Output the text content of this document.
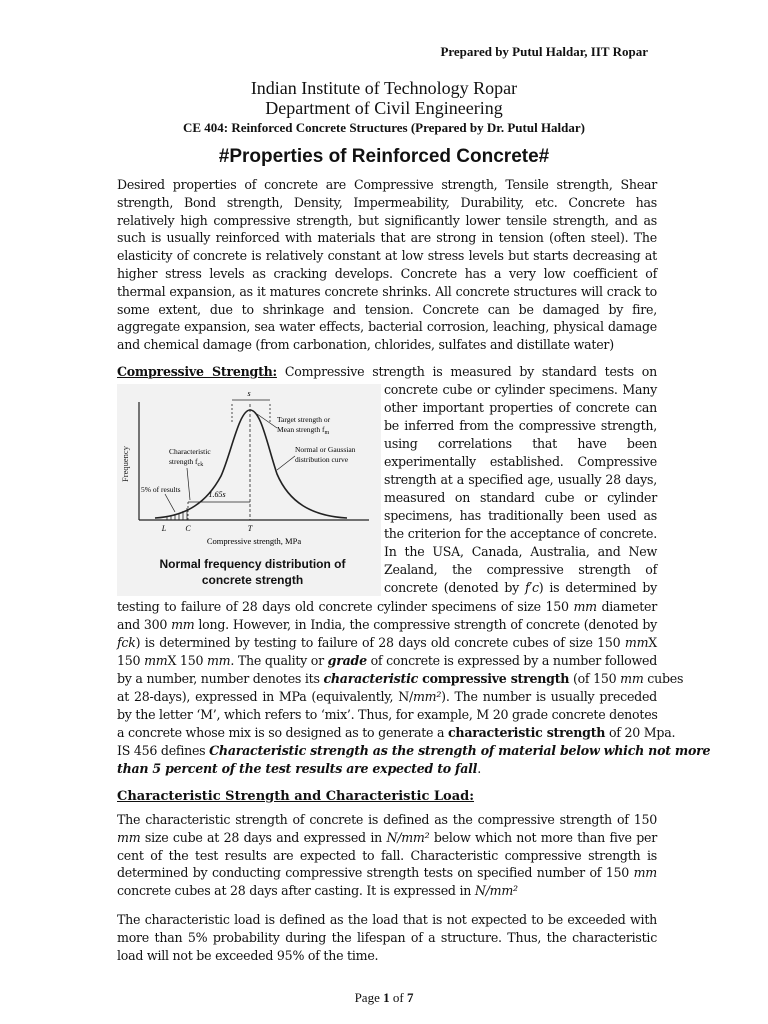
Prepared by Putul Haldar, IIT Ropar
Indian Institute of Technology Ropar
Department of Civil Engineering
CE 404: Reinforced Concrete Structures (Prepared by Dr. Putul Haldar)
#Properties of Reinforced Concrete#
Desired properties of concrete are Compressive strength, Tensile strength, Shear strength, Bond strength, Density, Impermeability, Durability, etc. Concrete has relatively high compressive strength, but significantly lower tensile strength, and as such is usually reinforced with materials that are strong in tension (often steel). The elasticity of concrete is relatively constant at low stress levels but starts decreasing at higher stress levels as cracking develops. Concrete has a very low coefficient of thermal expansion, as it matures concrete shrinks. All concrete structures will crack to some extent, due to shrinkage and tension. Concrete can be damaged by fire, aggregate expansion, sea water effects, bacterial corrosion, leaching, physical damage and chemical damage (from carbonation, chlorides, sulfates and distillate water)
Compressive Strength: Compressive strength is measured by standard tests on
concrete cube or cylinder specimens. Many
other important properties of concrete can
be inferred from the compressive strength,
using correlations that have been
experimentally established. Compressive
strength at a specified age, usually 28 days,
measured on standard cube or cylinder
specimens, has traditionally been used as
the criterion for the acceptance of concrete.
In the USA, Canada, Australia, and New
Zealand, the compressive strength of
concrete (denoted by f′c) is determined by
testing to failure of 28 days old concrete cylinder specimens of size 150 mm diameter
and 300 mm long. However, in India, the compressive strength of concrete (denoted by
fck) is determined by testing to failure of 28 days old concrete cubes of size 150 mmX
150 mmX 150 mm. The quality or grade of concrete is expressed by a number followed
by a number, number denotes its characteristic compressive strength (of 150 mm cubes
at 28-days), expressed in MPa (equivalently, N/mm²). The number is usually preceded
by the letter ‘M’, which refers to ‘mix’. Thus, for example, M 20 grade concrete denotes
a concrete whose mix is so designed as to generate a characteristic strength of 20 Mpa.
IS 456 defines Characteristic strength as the strength of material below which not more
than 5 percent of the test results are expected to fall.
Frequency
s
1.65s
Target strength or
Mean strength $f_m$
Normal or Gaussian
distribution curve
Characteristic
strength $f_{ck}$
5% of results
L C	T
Compressive strength, MPa
Normal frequency distribution of
concrete strength
Characteristic Strength and Characteristic Load:
The characteristic strength of concrete is defined as the compressive strength of 150 mm size cube at 28 days and expressed in N/mm² below which not more than five per cent of the test results are expected to fall. Characteristic compressive strength is determined by conducting compressive strength tests on specified number of 150 mm concrete cubes at 28 days after casting. It is expressed in N/mm²
The characteristic load is defined as the load that is not expected to be exceeded with more than 5% probability during the lifespan of a structure. Thus, the characteristic load will not be exceeded 95% of the time.
Page 1 of 7
